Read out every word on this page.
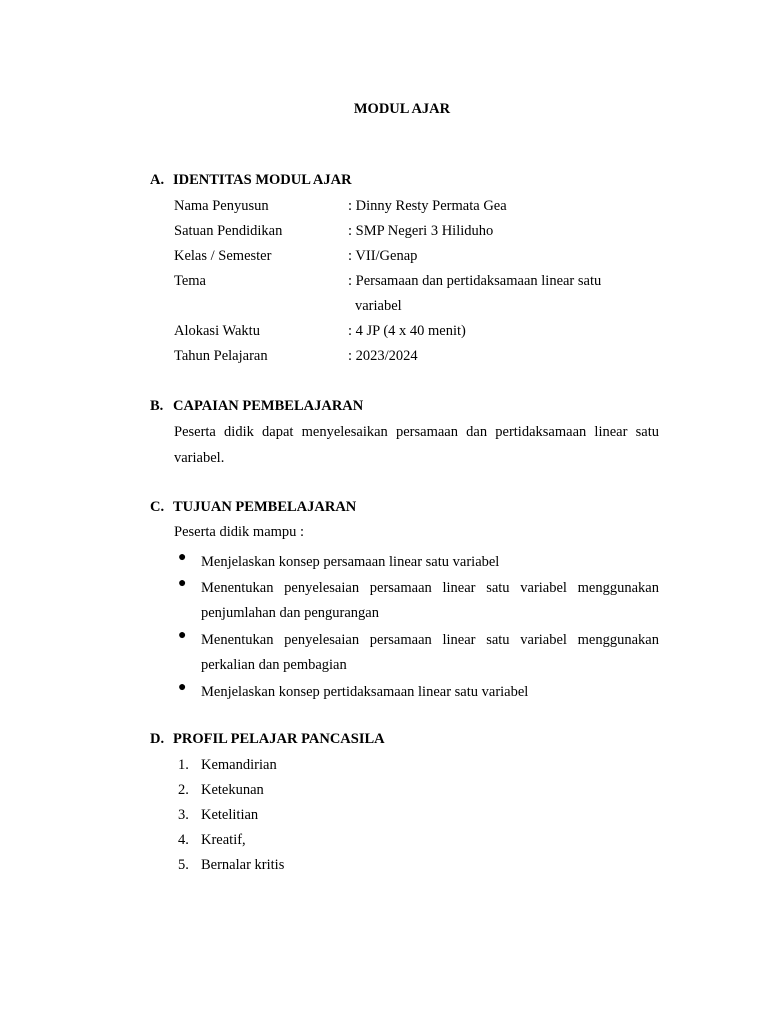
MODUL AJAR
A. IDENTITAS MODUL AJAR
Nama Penyusun	: Dinny Resty Permata Gea
Satuan Pendidikan	: SMP Negeri 3 Hiliduho
Kelas / Semester	: VII/Genap
Tema	: Persamaan dan pertidaksamaan linear satu
variabel
Alokasi Waktu	: 4 JP (4 x 40 menit)
Tahun Pelajaran	: 2023/2024
B. CAPAIAN PEMBELAJARAN
Peserta didik dapat menyelesaikan persamaan dan pertidaksamaan linear satu variabel.
C. TUJUAN PEMBELAJARAN
Peserta didik mampu :
● Menjelaskan konsep persamaan linear satu variabel
● Menentukan penyelesaian persamaan linear satu variabel menggunakan penjumlahan dan pengurangan
● Menentukan penyelesaian persamaan linear satu variabel menggunakan perkalian dan pembagian
● Menjelaskan konsep pertidaksamaan linear satu variabel
D. PROFIL PELAJAR PANCASILA
1. Kemandirian
2. Ketekunan
3. Ketelitian
4. Kreatif,
5. Bernalar kritis
